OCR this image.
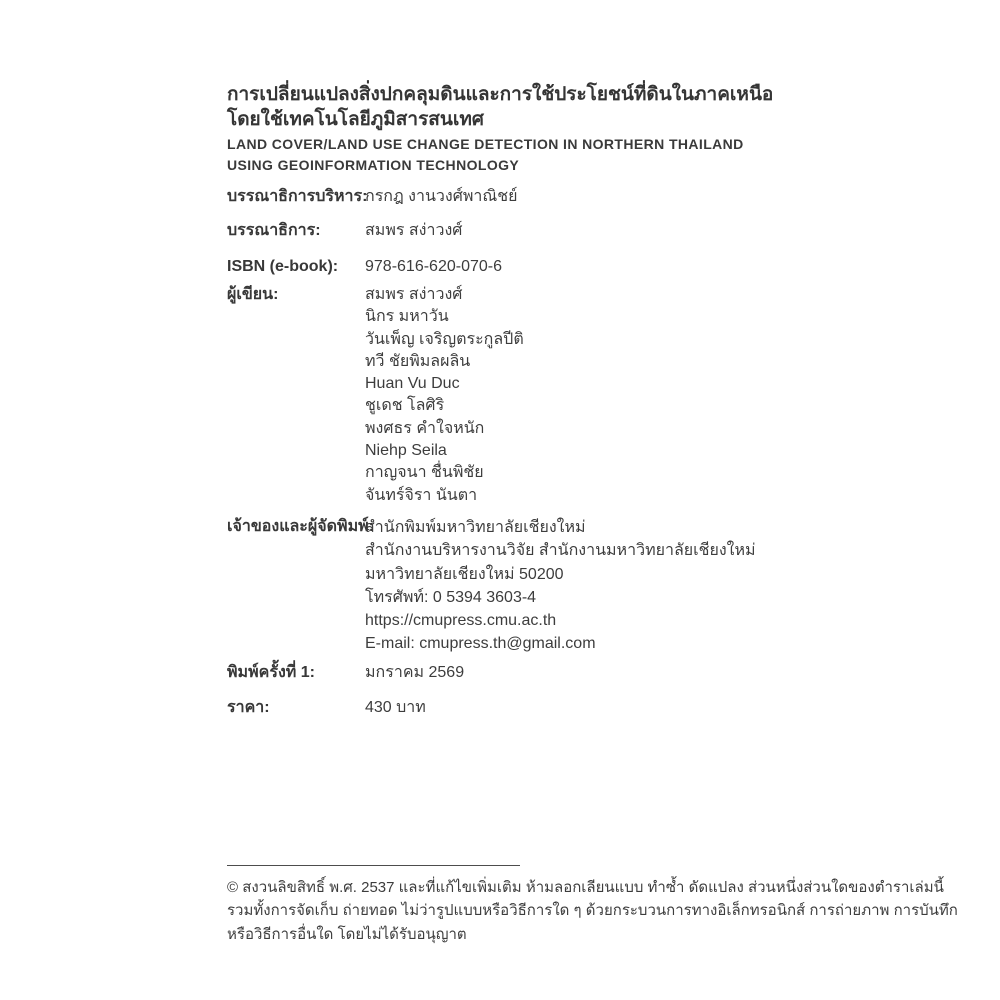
การเปลี่ยนแปลงสิ่งปกคลุมดินและการใช้ประโยชน์ที่ดินในภาคเหนือ
โดยใช้เทคโนโลยีภูมิสารสนเทศ
LAND COVER/LAND USE CHANGE DETECTION IN NORTHERN THAILAND
USING GEOINFORMATION TECHNOLOGY
บรรณาธิการบริหาร:
กรกฎ งานวงศ์พาณิชย์
บรรณาธิการ:	สมพร สง่าวงศ์
ISBN (e-book):	978-616-620-070-6
ผู้เขียน:	สมพร สง่าวงศ์
นิกร มหาวัน
วันเพ็ญ เจริญตระกูลปีติ
ทวี ชัยพิมลผลิน
Huan Vu Duc
ชูเดช โลศิริ
พงศธร คำใจหนัก
Niehp Seila
กาญจนา ชื่นพิชัย
จันทร์จิรา นันตา
เจ้าของและผู้จัดพิมพ์:
สำนักพิมพ์มหาวิทยาลัยเชียงใหม่
สำนักงานบริหารงานวิจัย สำนักงานมหาวิทยาลัยเชียงใหม่
มหาวิทยาลัยเชียงใหม่ 50200
โทรศัพท์: 0 5394 3603-4
https://cmupress.cmu.ac.th
E-mail: cmupress.th@gmail.com
พิมพ์ครั้งที่ 1:	มกราคม 2569
ราคา:	430 บาท
© สงวนลิขสิทธิ์ พ.ศ. 2537 และที่แก้ไขเพิ่มเติม ห้ามลอกเลียนแบบ ทำซ้ำ ดัดแปลง ส่วนหนึ่งส่วนใดของตำราเล่มนี้
รวมทั้งการจัดเก็บ ถ่ายทอด ไม่ว่ารูปแบบหรือวิธีการใด ๆ ด้วยกระบวนการทางอิเล็กทรอนิกส์ การถ่ายภาพ การบันทึก
หรือวิธีการอื่นใด โดยไม่ได้รับอนุญาต
